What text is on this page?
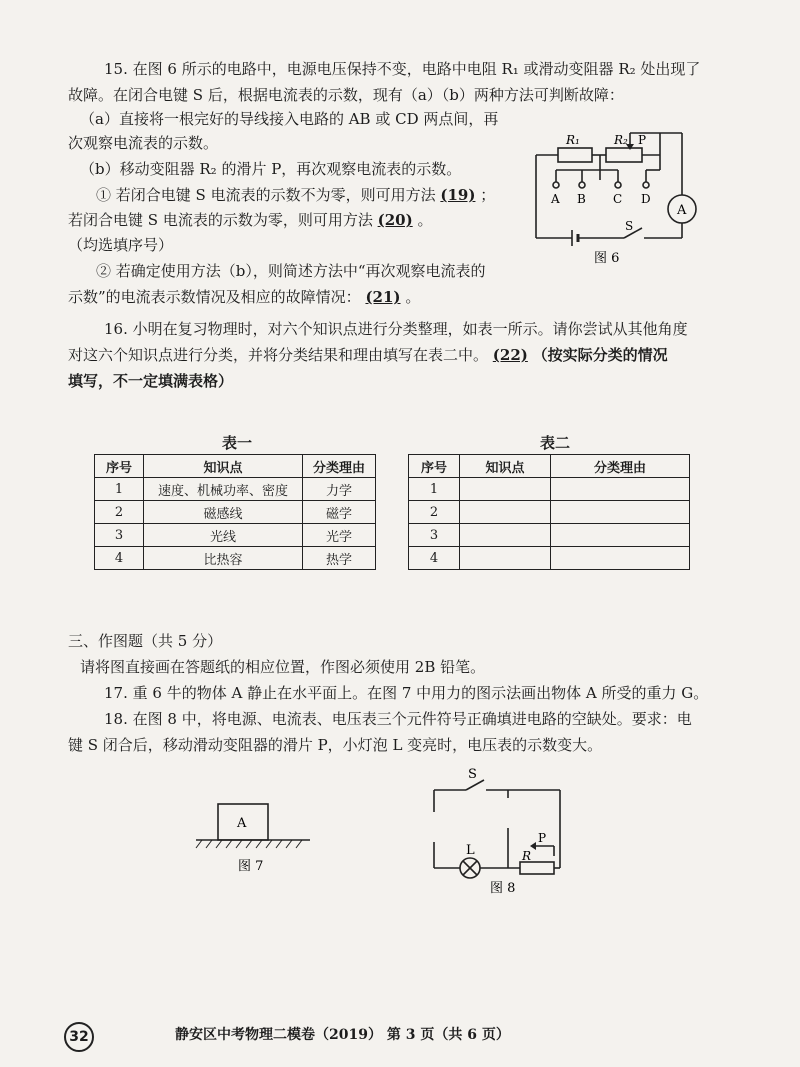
15. 在图 6 所示的电路中，电源电压保持不变，电路中电阻 R₁ 或滑动变阻器 R₂ 处出现了
故障。在闭合电键 S 后，根据电流表的示数，现有（a）（b）两种方法可判断故障：
（a）直接将一根完好的导线接入电路的 AB 或 CD 两点间，再
次观察电流表的示数。
（b）移动变阻器 R₂ 的滑片 P，再次观察电流表的示数。
① 若闭合电键 S 电流表的示数不为零，则可用方法 (19) ；
若闭合电键 S 电流表的示数为零，则可用方法 (20) 。
（均选填序号）
② 若确定使用方法（b），则简述方法中“再次观察电流表的
示数”的电流表示数情况及相应的故障情况： (21) 。
R₁	R₂ P
A B C D
A
S
图 6
16. 小明在复习物理时，对六个知识点进行分类整理，如表一所示。请你尝试从其他角度
对这六个知识点进行分类，并将分类结果和理由填写在表二中。 (22) （按实际分类的情况
填写，不一定填满表格）
表一
序号	知识点	分类理由
1	速度、机械功率、密度	力学
2	磁感线	磁学
3	光线	光学
4	比热容	热学
表二
序号	知识点	分类理由
1		
2		
3		
4		
三、作图题（共 5 分）
请将图直接画在答题纸的相应位置，作图必须使用 2B 铅笔。
17. 重 6 牛的物体 A 静止在水平面上。在图 7 中用力的图示法画出物体 A 所受的重力 G。
18. 在图 8 中，将电源、电流表、电压表三个元件符号正确填进电路的空缺处。要求：电
键 S 闭合后，移动滑动变阻器的滑片 P，小灯泡 L 变亮时，电压表的示数变大。
A
图 7
S
L	R
P
图 8
32	静安区中考物理二模卷（2019） 第 3 页（共 6 页）
